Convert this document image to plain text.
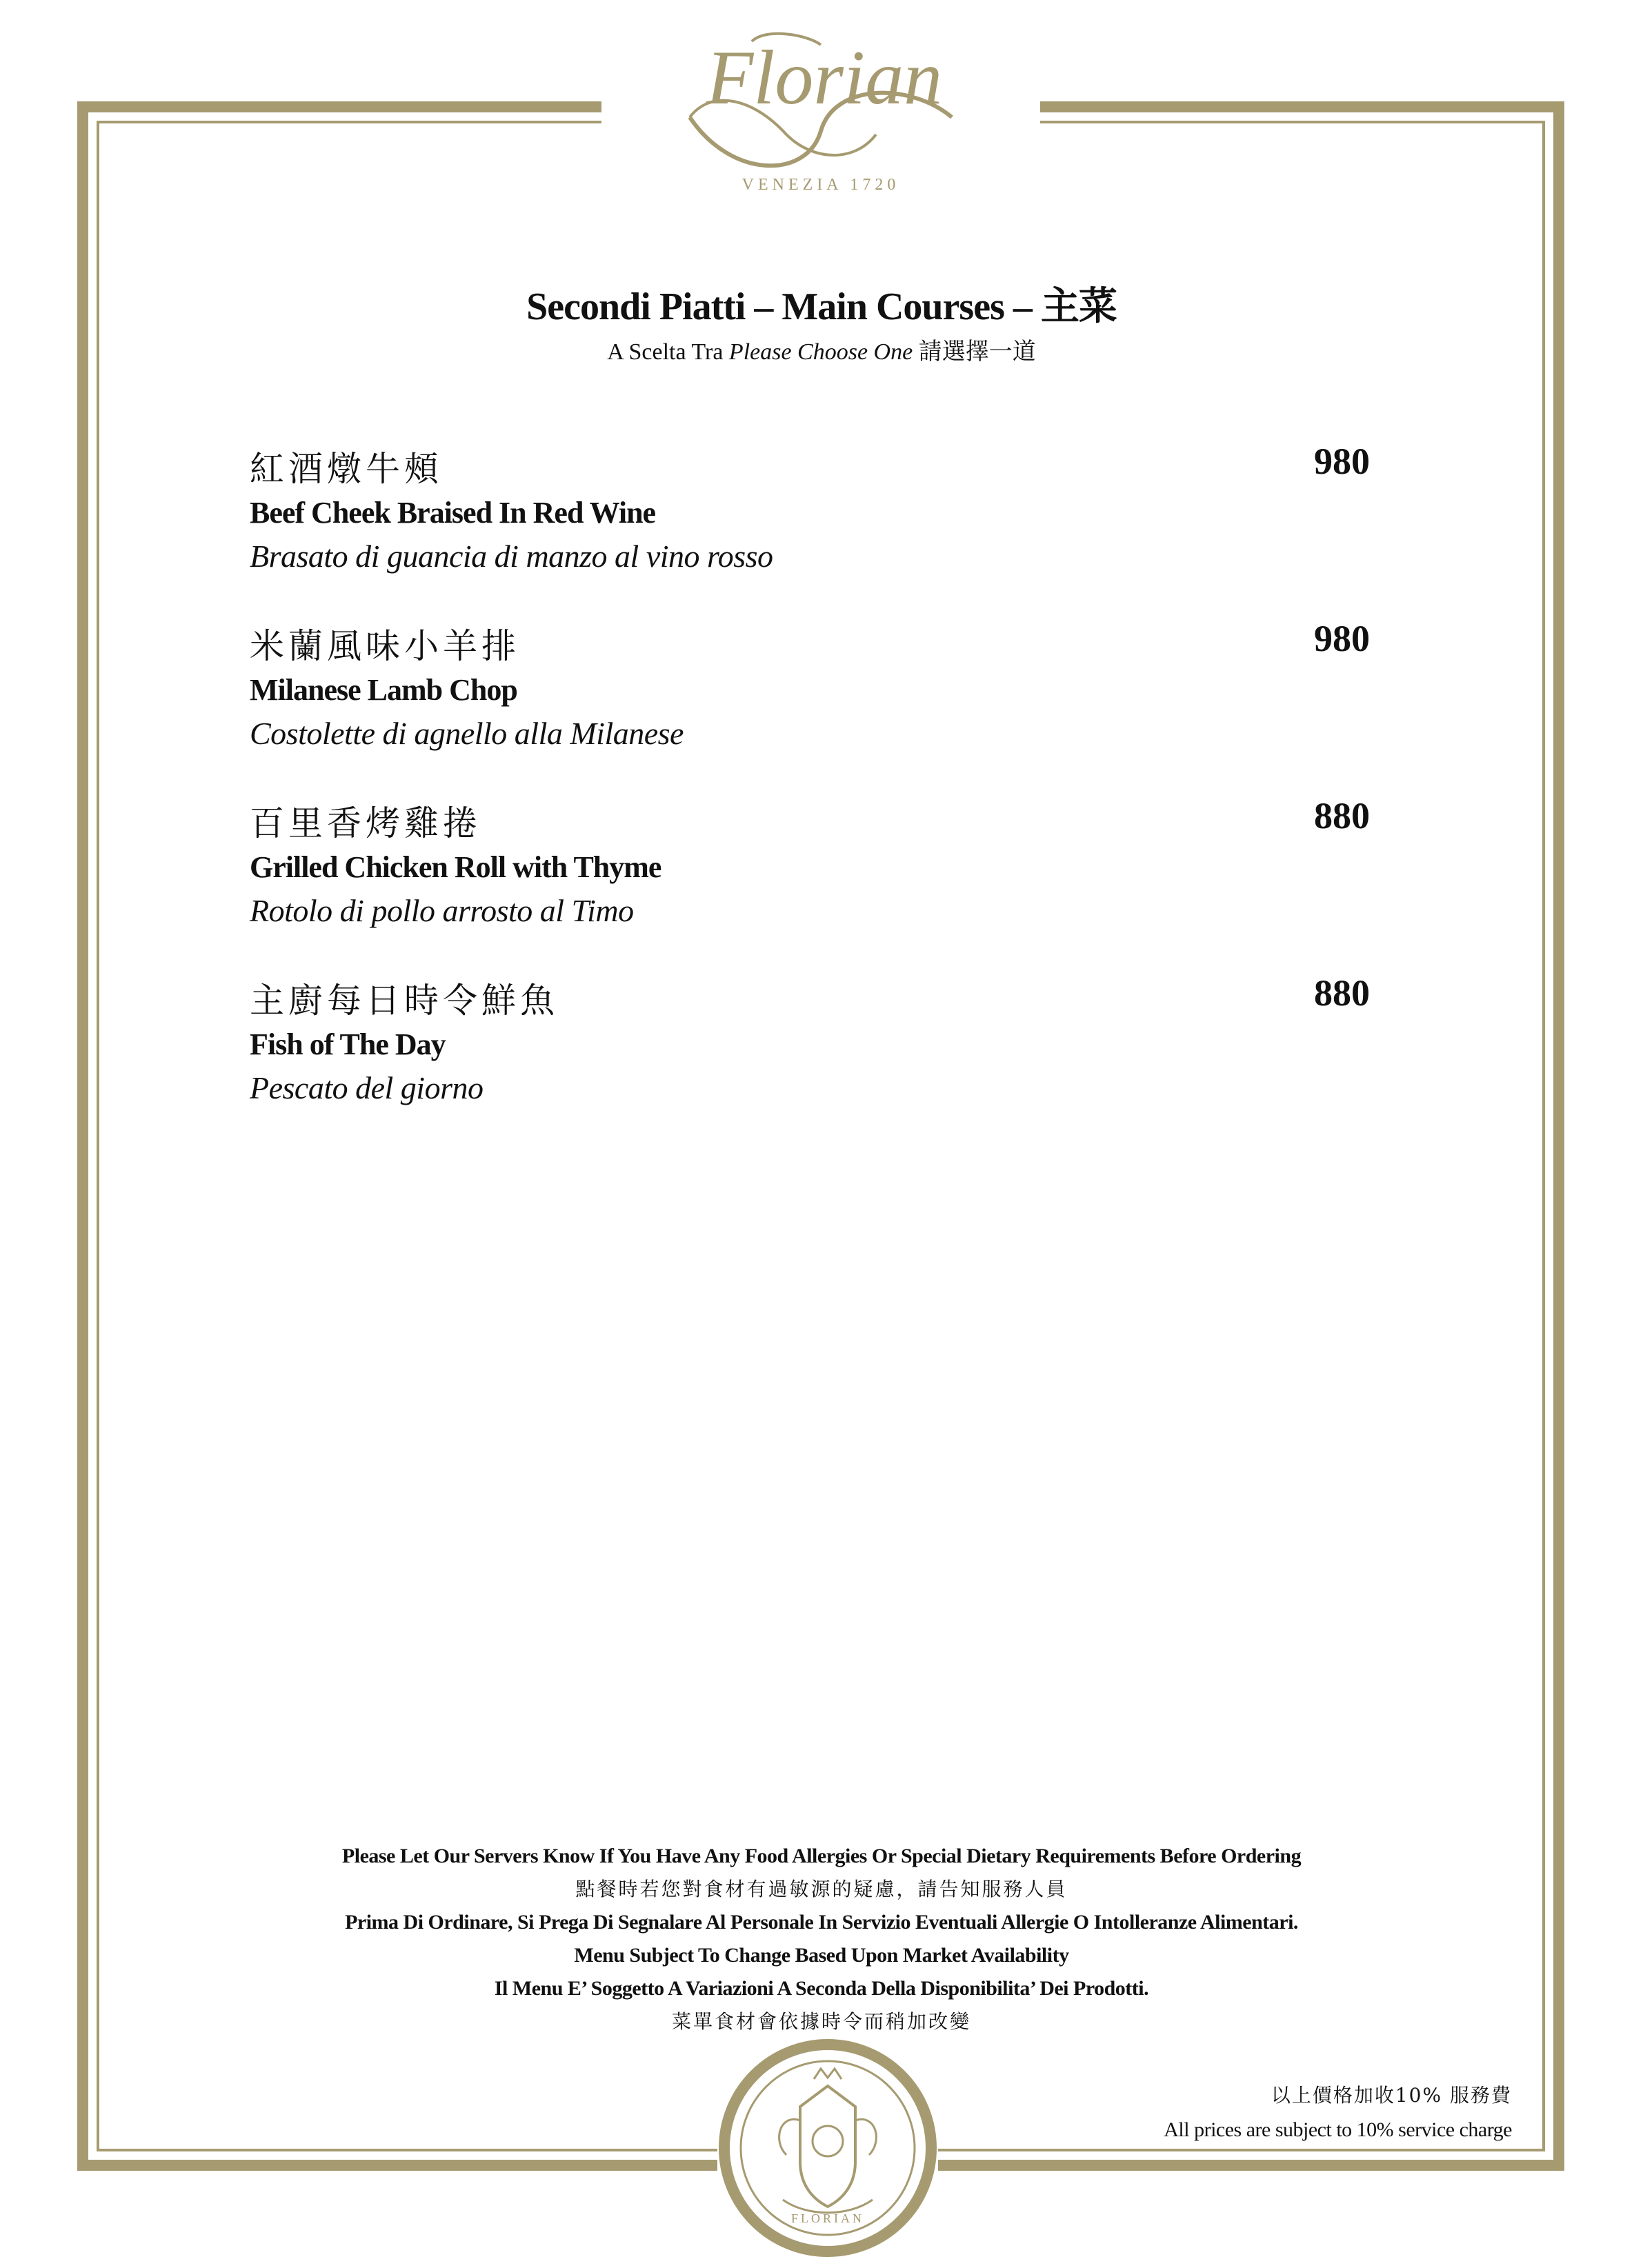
Florian
VENEZIA 1720
Secondi Piatti – Main Courses – 主菜
A Scelta Tra Please Choose One 請選擇一道
紅酒燉牛頰
Beef Cheek Braised In Red Wine
Brasato di guancia di manzo al vino rosso
980
米蘭風味小羊排
Milanese Lamb Chop
Costolette di agnello alla Milanese
980
百里香烤雞捲
Grilled Chicken Roll with Thyme
Rotolo di pollo arrosto al Timo
880
主廚每日時令鮮魚
Fish of The Day
Pescato del giorno
880
Please Let Our Servers Know If You Have Any Food Allergies Or Special Dietary Requirements Before Ordering
點餐時若您對食材有過敏源的疑慮，請告知服務人員
Prima Di Ordinare, Si Prega Di Segnalare Al Personale In Servizio Eventuali Allergie O Intolleranze Alimentari.
Menu Subject To Change Based Upon Market Availability
Il Menu E’ Soggetto A Variazioni A Seconda Della Disponibilita’ Dei Prodotti.
菜單食材會依據時令而稍加改變
以上價格加收10% 服務費
All prices are subject to 10% service charge
FLORIAN
